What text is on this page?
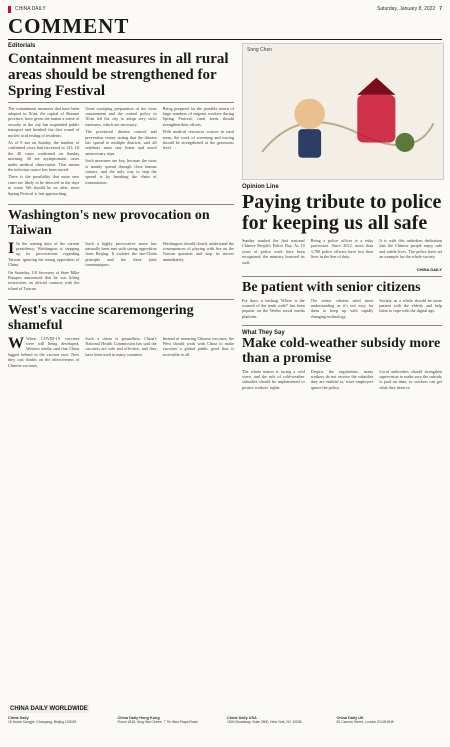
CHINA DAILY	Saturday, January 8, 2022 7
COMMENT
Editorials
Containment measures in all rural areas should be strengthened for Spring Festival

The containment measures that have been adopted in Xi'an, the capital of Shaanxi province, have given the nation a sense of security as the city has suspended public transport and finished the first round of nucleic acid testing of residents.

As of 8 am on Sunday, the number of confirmed cases had increased to 123. Of the 40 cases confirmed on Sunday morning, 36 are asymptomatic cases under medical observation. That means the infection source has been traced.

There is the possibility that more new cases are likely to be detected in the days to come. We should be on alert, since Spring Festival is fast approaching.

Great sweeping preparation of the virus containment and the control policy in Xi'an led the city to adopt very strict measures, which are necessary.

The provincial disease control and prevention center, noting that the disease has spread to multiple districts, said all residents must stay home and avoid unnecessary trips.

Such measures are key, because the virus is mainly spread through close human contact, and the only way to stop the spread is by breaking the chain of transmission.

Being prepared for the possible return of large numbers of migrant workers during Spring Festival, rural areas should strengthen their efforts.

With medical resources scarcer in rural areas, the work of screening and tracing should be strengthened at the grassroots level.

Washington's new provocation on Taiwan
I In the waning days of the current presidency, Washington is stepping up its provocations regarding Taiwan, ignoring the strong opposition of China.

On Saturday, US Secretary of State Mike Pompeo announced that he was lifting restrictions on official contacts with the island of Taiwan.

Such a highly provocative move has naturally been met with strong opposition from Beijing. It violates the one-China principle and the three joint communiques.

Washington should clearly understand the consequences of playing with fire on the Taiwan question and stop its moves immediately.

West's vaccine scaremongering shameful
W When COVID-19 vaccines were still being developed, Western media said that China lagged behind in the vaccine race. Now they cast doubts on the effectiveness of Chinese vaccines.

Such a claim is groundless. China's National Health Commission has said the vaccines are safe and effective, and they have been used in many countries.

Instead of smearing Chinese vaccines, the West should work with China to make vaccines a global public good that is accessible to all.

Song Chen
Opinion Line
Paying tribute to police for keeping us all safe

Sunday marked the first national Chinese People's Police Day. As 10 years of police work have been recognized, the ministry honored its staff.

Being a police officer is a risky profession. Since 2012, more than 3,700 police officers have lost their lives in the line of duty.

It is with this unbroken dedication that the Chinese people enjoy safe and stable lives. The police have set an example for the whole society.

CHINA DAILY
Be patient with senior citizens

For days, a hashtag 'Where is the warmth of the tenth code?' has been popular on the Weibo social media platform.

The senior citizens need more understanding as it's not easy for them to keep up with rapidly changing technology.

Society as a whole should be more patient with the elderly and help them to cope with the digital age.

What They Say
Make cold-weather subsidy more than a promise

The whole nation is facing a cold wave, and the rule of cold-weather subsidies should be implemented to protect workers' rights.

Despite the regulations, many workers do not receive the subsidies they are entitled to, since employers ignore the policy.

Local authorities should strengthen supervision to make sure the subsidy is paid on time, so workers can get what they deserve.

CHINA DAILY WORLDWIDE
China Daily
15 Huixin Dongjie, Chaoyang, Beijing 100029
China Daily Hong Kong
Room 1818, Hing Wai Centre, 7 Tin Wan Praya Road
China Daily USA
1500 Broadway, Suite 2800, New York, NY 10036
China Daily UK
90 Cannon Street, London EC4N 6HA
